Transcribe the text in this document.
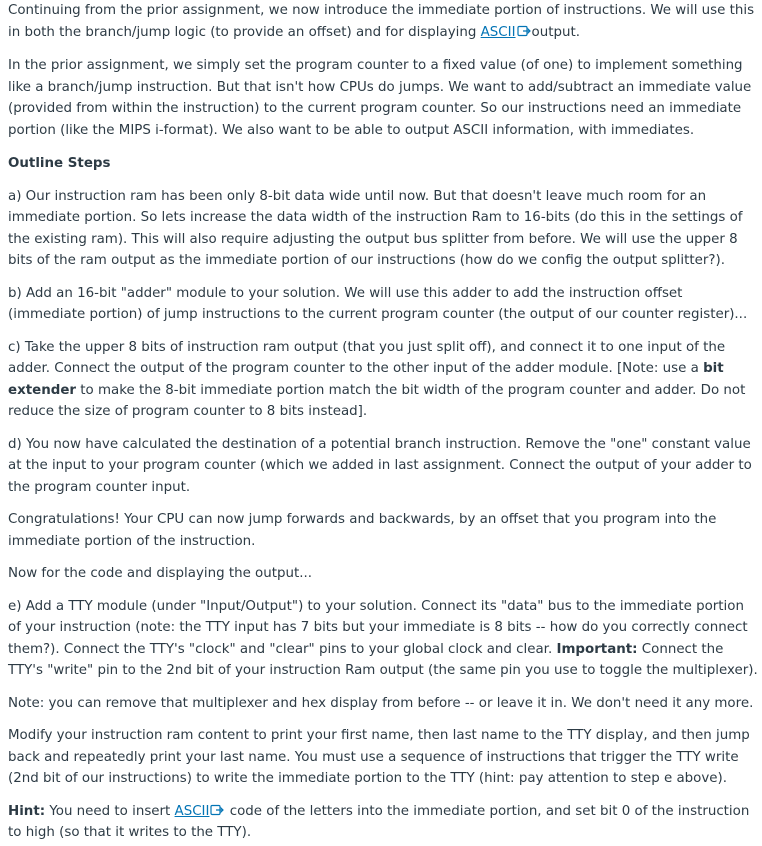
Continuing from the prior assignment, we now introduce the immediate portion of instructions. We will use this in both the branch/jump logic (to provide an offset) and for displaying ASCII output.

In the prior assignment, we simply set the program counter to a fixed value (of one) to implement something like a branch/jump instruction. But that isn't how CPUs do jumps. We want to add/subtract an immediate value (provided from within the instruction) to the current program counter. So our instructions need an immediate portion (like the MIPS i-format). We also want to be able to output ASCII information, with immediates.

Outline Steps

a) Our instruction ram has been only 8-bit data wide until now. But that doesn't leave much room for an immediate portion. So lets increase the data width of the instruction Ram to 16-bits (do this in the settings of the existing ram). This will also require adjusting the output bus splitter from before. We will use the upper 8 bits of the ram output as the immediate portion of our instructions (how do we config the output splitter?).

b) Add an 16-bit "adder" module to your solution. We will use this adder to add the instruction offset (immediate portion) of jump instructions to the current program counter (the output of our counter register)...

c) Take the upper 8 bits of instruction ram output (that you just split off), and connect it to one input of the adder. Connect the output of the program counter to the other input of the adder module. [Note: use a bit extender to make the 8-bit immediate portion match the bit width of the program counter and adder. Do not reduce the size of program counter to 8 bits instead].

d) You now have calculated the destination of a potential branch instruction. Remove the "one" constant value at the input to your program counter (which we added in last assignment. Connect the output of your adder to the program counter input.

Congratulations! Your CPU can now jump forwards and backwards, by an offset that you program into the immediate portion of the instruction.

Now for the code and displaying the output...

e) Add a TTY module (under "Input/Output") to your solution. Connect its "data" bus to the immediate portion of your instruction (note: the TTY input has 7 bits but your immediate is 8 bits -- how do you correctly connect them?). Connect the TTY's "clock" and "clear" pins to your global clock and clear. Important: Connect the TTY's "write" pin to the 2nd bit of your instruction Ram output (the same pin you use to toggle the multiplexer).

Note: you can remove that multiplexer and hex display from before -- or leave it in. We don't need it any more.

Modify your instruction ram content to print your first name, then last name to the TTY display, and then jump back and repeatedly print your last name. You must use a sequence of instructions that trigger the TTY write (2nd bit of our instructions) to write the immediate portion to the TTY (hint: pay attention to step e above).

Hint: You need to insert ASCII
code of the letters into the immediate portion, and set bit 0 of the instruction to high (so that it writes to the TTY).
